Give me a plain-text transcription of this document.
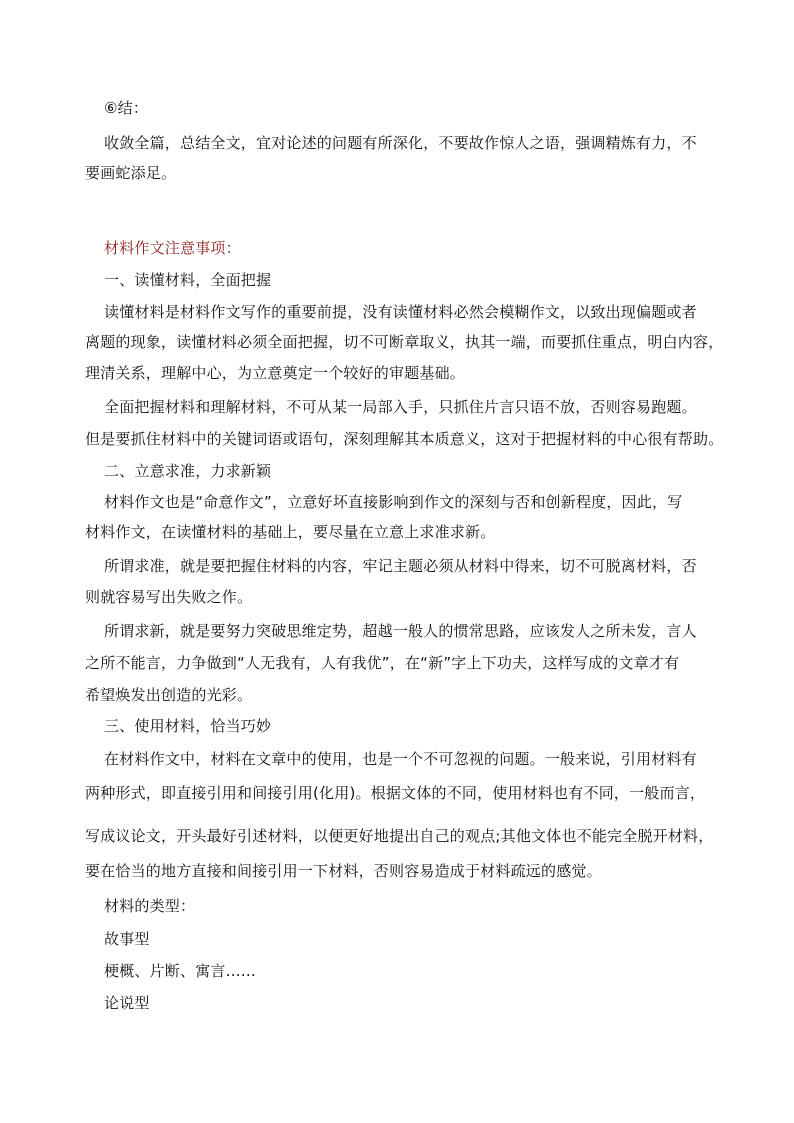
⑥结：
收敛全篇，总结全文，宜对论述的问题有所深化，不要故作惊人之语，强调精炼有力，不
要画蛇添足。
材料作文注意事项：
一、读懂材料，全面把握
读懂材料是材料作文写作的重要前提，没有读懂材料必然会模糊作文，以致出现偏题或者
离题的现象，读懂材料必须全面把握，切不可断章取义，执其一端，而要抓住重点，明白内容，
理清关系，理解中心，为立意奠定一个较好的审题基础。
全面把握材料和理解材料，不可从某一局部入手，只抓住片言只语不放，否则容易跑题。
但是要抓住材料中的关键词语或语句，深刻理解其本质意义，这对于把握材料的中心很有帮助。
二、立意求准，力求新颖
材料作文也是“命意作文”，立意好坏直接影响到作文的深刻与否和创新程度，因此，写
材料作文，在读懂材料的基础上，要尽量在立意上求准求新。
所谓求准，就是要把握住材料的内容，牢记主题必须从材料中得来，切不可脱离材料，否
则就容易写出失败之作。
所谓求新，就是要努力突破思维定势，超越一般人的惯常思路，应该发人之所未发，言人
之所不能言，力争做到“人无我有，人有我优”，在“新”字上下功夫，这样写成的文章才有
希望焕发出创造的光彩。
三、使用材料，恰当巧妙
在材料作文中，材料在文章中的使用，也是一个不可忽视的问题。一般来说，引用材料有
两种形式，即直接引用和间接引用(化用)。根据文体的不同，使用材料也有不同，一般而言，
写成议论文，开头最好引述材料，以便更好地提出自己的观点;其他文体也不能完全脱开材料，
要在恰当的地方直接和间接引用一下材料，否则容易造成于材料疏远的感觉。
材料的类型：
故事型
梗概、片断、寓言……
论说型
